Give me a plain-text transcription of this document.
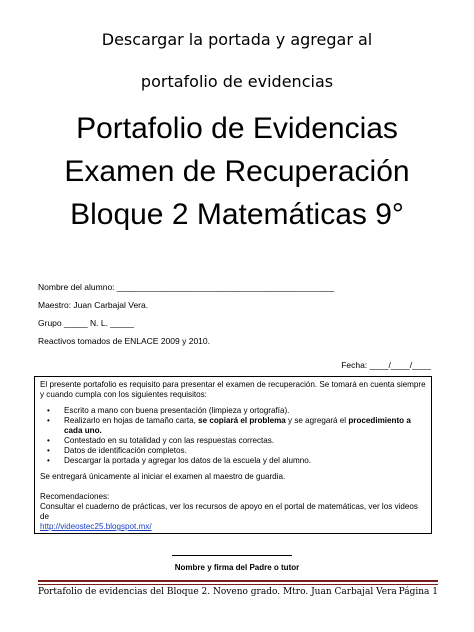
Descargar la portada y agregar al
portafolio de evidencias
Portafolio de Evidencias
Examen de Recuperación
Bloque 2 Matemáticas 9°
Nombre del alumno: ______________________________________________
Maestro: Juan Carbajal Vera.
Grupo _____ N. L. _____
Reactivos tomados de ENLACE 2009 y 2010.
Fecha: ____/____/____

El presente portafolio es requisito para presentar el examen de recuperación. Se tomará en cuenta siempre y cuando cumpla con los siguientes requisitos:

• Escrito a mano con buena presentación (limpieza y ortografía).
• Realizarlo en hojas de tamaño carta, se copiará el problema y se agregará el procedimiento a cada uno.
• Contestado en su totalidad y con las respuestas correctas.
• Datos de identificación completos.
• Descargar la portada y agregar los datos de la escuela y del alumno.

Se entregará únicamente al iniciar el examen al maestro de guardia.

Recomendaciones:

Consultar el cuaderno de prácticas, ver los recursos de apoyo en el portal de matemáticas, ver los videos de

http://videostec25.blogspot.mx/

Nombre y firma del Padre o tutor
Portafolio de evidencias del Bloque 2. Noveno grado. Mtro. Juan Carbajal Vera Página 1
